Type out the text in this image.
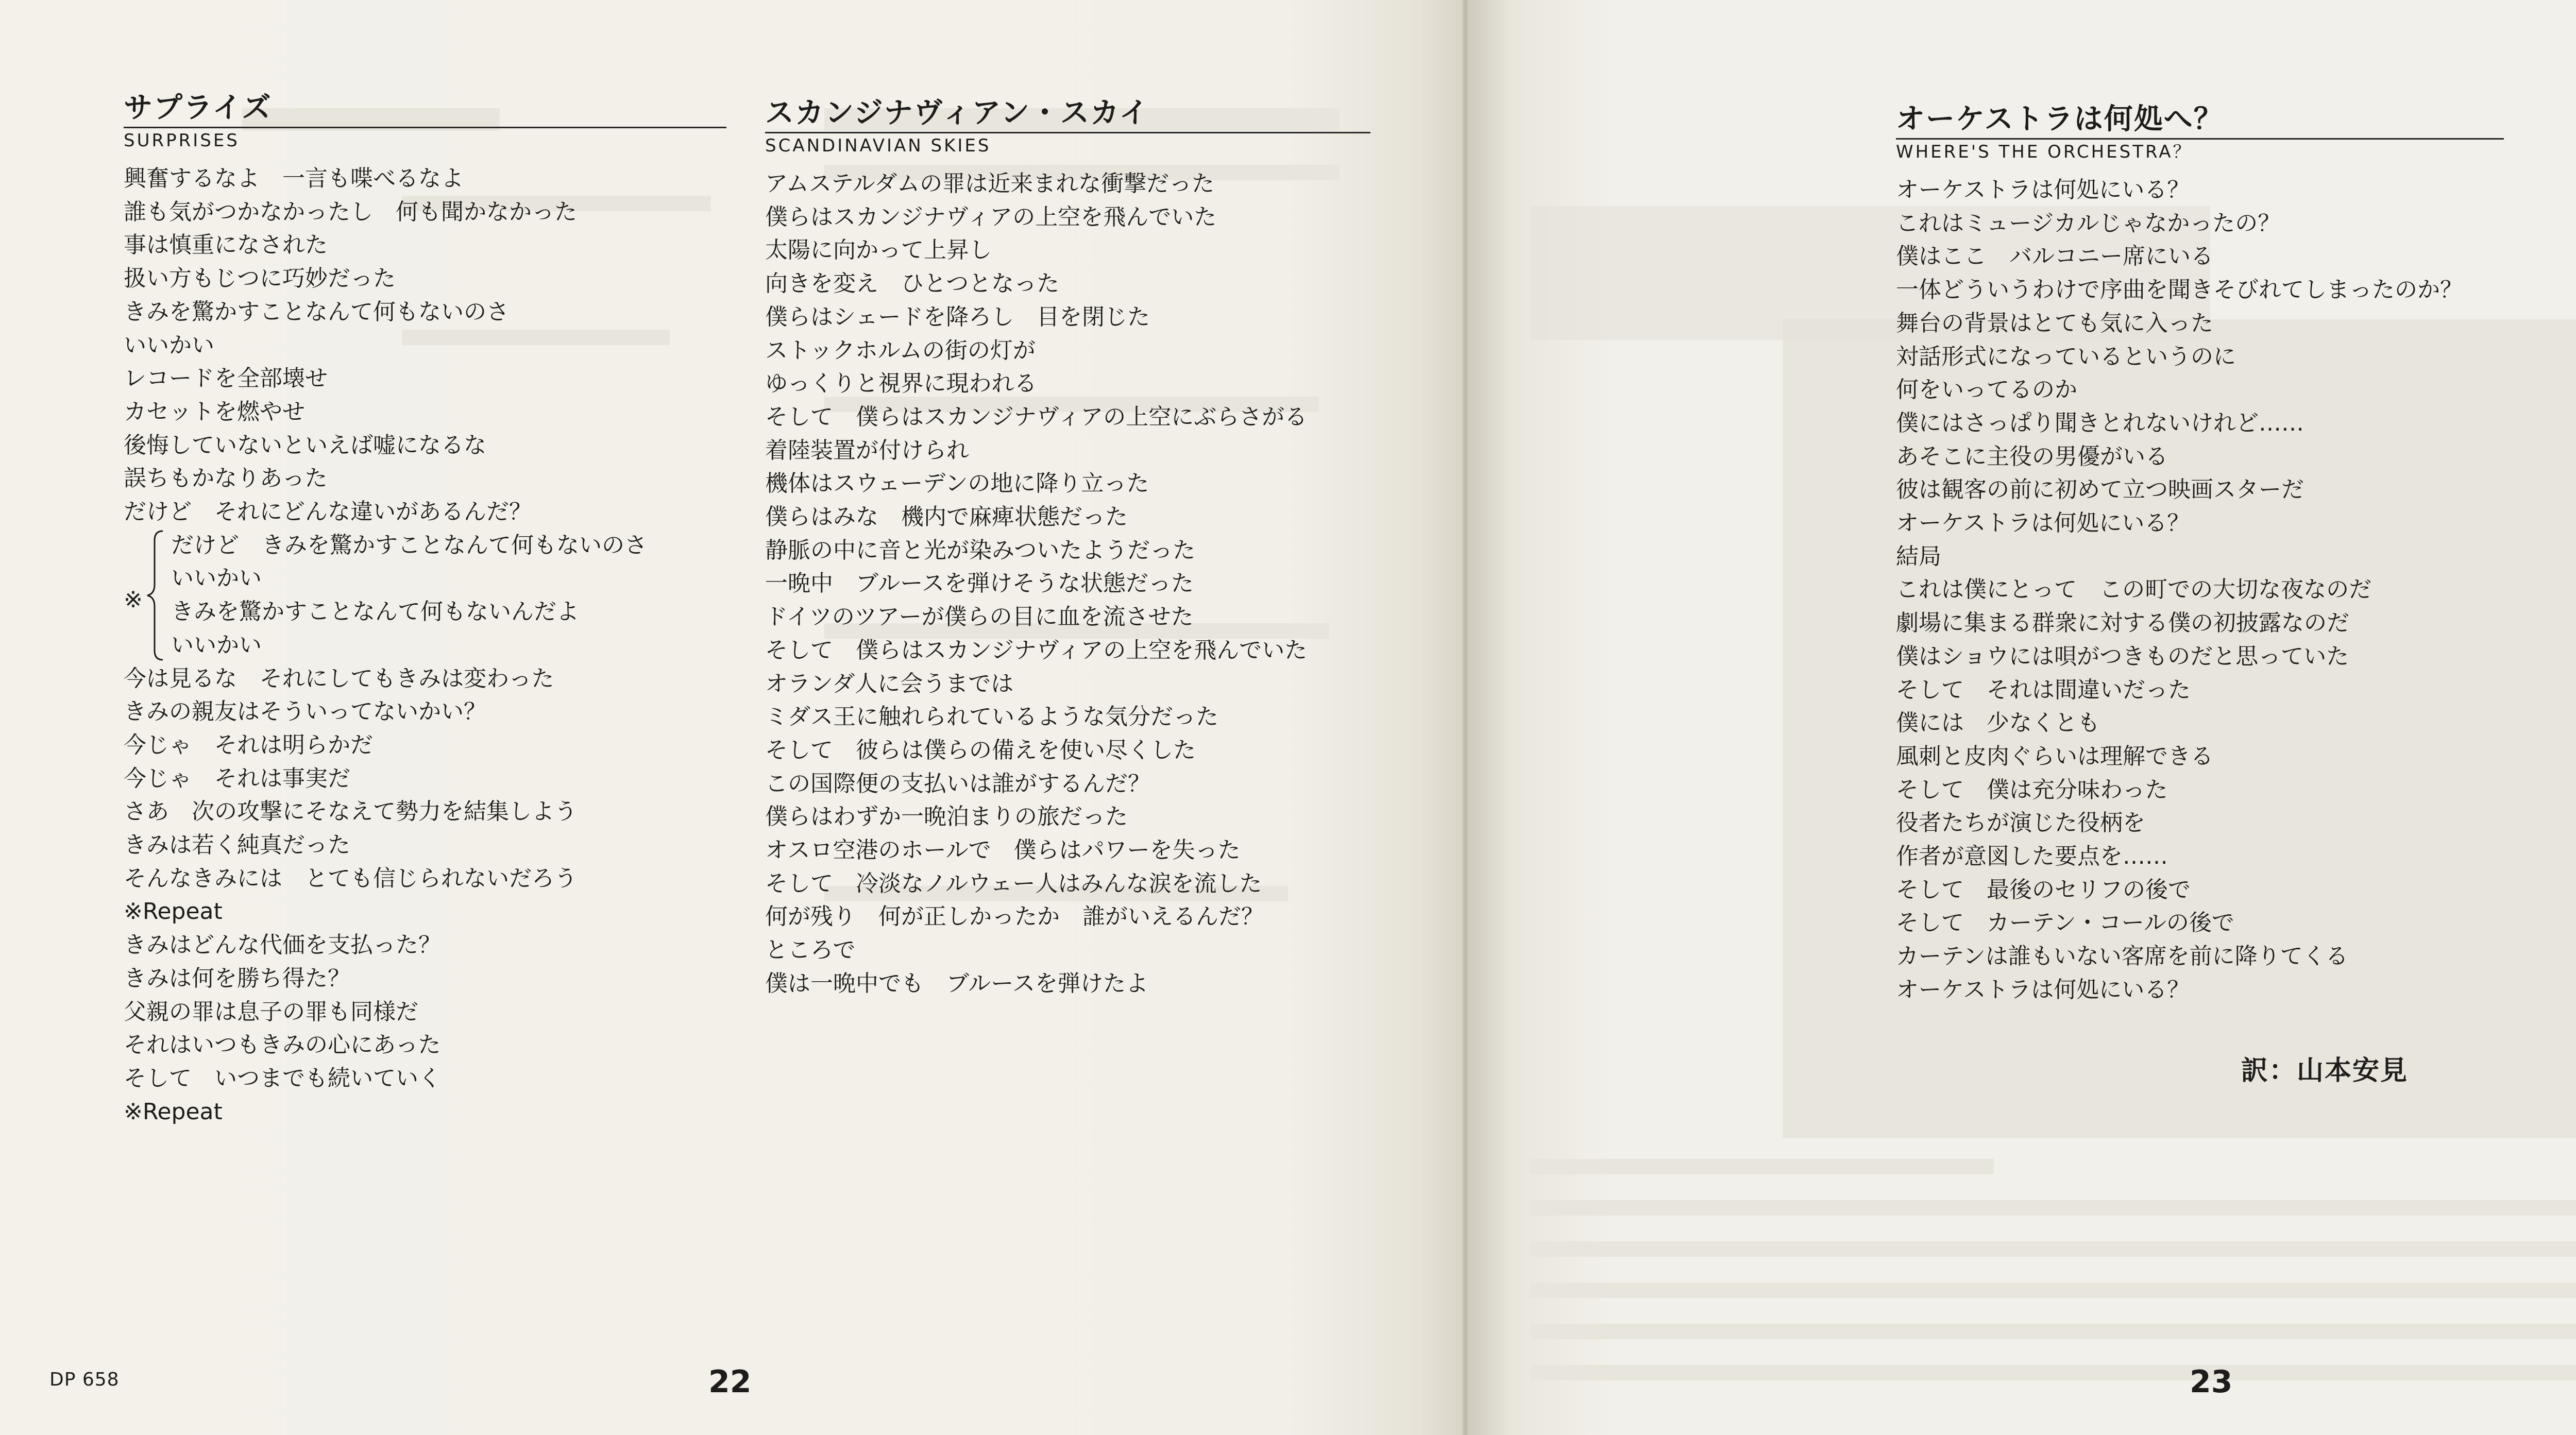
サプライズ
SURPRISES
興奮するなよ　一言も喋べるなよ
誰も気がつかなかったし　何も聞かなかった
事は慎重になされた
扱い方もじつに巧妙だった
きみを驚かすことなんて何もないのさ
いいかい
レコードを全部壊せ
カセットを燃やせ
後悔していないといえば嘘になるな
誤ちもかなりあった
だけど　それにどんな違いがあるんだ？
※
だけど　きみを驚かすことなんて何もないのさ
いいかい
きみを驚かすことなんて何もないんだよ
いいかい
今は見るな　それにしてもきみは変わった
きみの親友はそういってないかい？
今じゃ　それは明らかだ
今じゃ　それは事実だ
さあ　次の攻撃にそなえて勢力を結集しよう
きみは若く純真だった
そんなきみには　とても信じられないだろう
※Repeat
きみはどんな代価を支払った？
きみは何を勝ち得た？
父親の罪は息子の罪も同様だ
それはいつもきみの心にあった
そして　いつまでも続いていく
※Repeat
スカンジナヴィアン・スカイ
SCANDINAVIAN SKIES
アムステルダムの罪は近来まれな衝撃だった
僕らはスカンジナヴィアの上空を飛んでいた
太陽に向かって上昇し
向きを変え　ひとつとなった
僕らはシェードを降ろし　目を閉じた
ストックホルムの街の灯が
ゆっくりと視界に現われる
そして　僕らはスカンジナヴィアの上空にぶらさがる
着陸装置が付けられ
機体はスウェーデンの地に降り立った
僕らはみな　機内で麻痺状態だった
静脈の中に音と光が染みついたようだった
一晩中　ブルースを弾けそうな状態だった
ドイツのツアーが僕らの目に血を流させた
そして　僕らはスカンジナヴィアの上空を飛んでいた
オランダ人に会うまでは
ミダス王に触れられているような気分だった
そして　彼らは僕らの備えを使い尽くした
この国際便の支払いは誰がするんだ？
僕らはわずか一晩泊まりの旅だった
オスロ空港のホールで　僕らはパワーを失った
そして　冷淡なノルウェー人はみんな涙を流した
何が残り　何が正しかったか　誰がいえるんだ？
ところで
僕は一晩中でも　ブルースを弾けたよ
DP 658	22
オーケストラは何処へ？
WHERE'S THE ORCHESTRA？
オーケストラは何処にいる？
これはミュージカルじゃなかったの？
僕はここ　バルコニー席にいる
一体どういうわけで序曲を聞きそびれてしまったのか？
舞台の背景はとても気に入った
対話形式になっているというのに
何をいってるのか
僕にはさっぱり聞きとれないけれど……
あそこに主役の男優がいる
彼は観客の前に初めて立つ映画スターだ
オーケストラは何処にいる？
結局
これは僕にとって　この町での大切な夜なのだ
劇場に集まる群衆に対する僕の初披露なのだ
僕はショウには唄がつきものだと思っていた
そして　それは間違いだった
僕には　少なくとも
風刺と皮肉ぐらいは理解できる
そして　僕は充分味わった
役者たちが演じた役柄を
作者が意図した要点を……
そして　最後のセリフの後で
そして　カーテン・コールの後で
カーテンは誰もいない客席を前に降りてくる
オーケストラは何処にいる？
訳：山本安見
23
